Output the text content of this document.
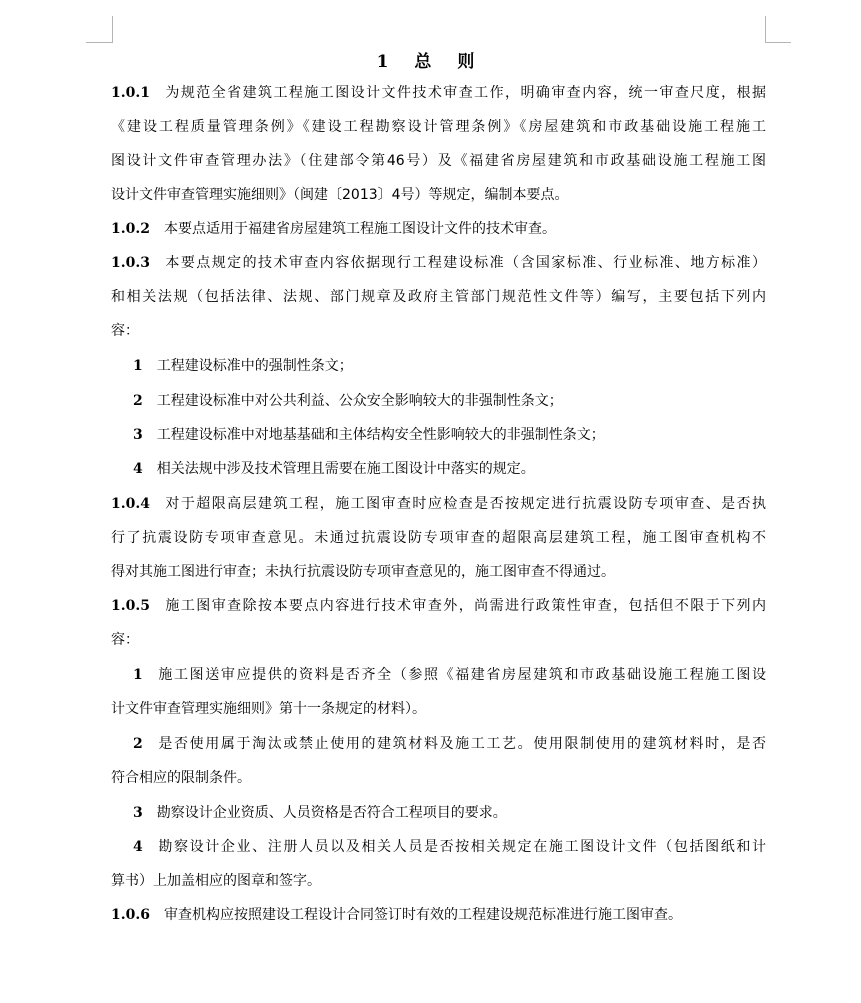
1 总 则
1.0.1 为规范全省建筑工程施工图设计文件技术审查工作，明确审查内容，统一审查尺度，根据
《建设工程质量管理条例》《建设工程勘察设计管理条例》《房屋建筑和市政基础设施工程施工
图设计文件审查管理办法》（住建部令第46号）及《福建省房屋建筑和市政基础设施工程施工图
设计文件审查管理实施细则》（闽建〔2013〕4号）等规定，编制本要点。
1.0.2 本要点适用于福建省房屋建筑工程施工图设计文件的技术审查。
1.0.3 本要点规定的技术审查内容依据现行工程建设标准（含国家标准、行业标准、地方标准）
和相关法规（包括法律、法规、部门规章及政府主管部门规范性文件等）编写，主要包括下列内
容：
1 工程建设标准中的强制性条文；
2 工程建设标准中对公共利益、公众安全影响较大的非强制性条文；
3 工程建设标准中对地基基础和主体结构安全性影响较大的非强制性条文；
4 相关法规中涉及技术管理且需要在施工图设计中落实的规定。
1.0.4 对于超限高层建筑工程，施工图审查时应检查是否按规定进行抗震设防专项审查、是否执
行了抗震设防专项审查意见。未通过抗震设防专项审查的超限高层建筑工程，施工图审查机构不
得对其施工图进行审查；未执行抗震设防专项审查意见的，施工图审查不得通过。
1.0.5 施工图审查除按本要点内容进行技术审查外，尚需进行政策性审查，包括但不限于下列内
容：
1 施工图送审应提供的资料是否齐全（参照《福建省房屋建筑和市政基础设施工程施工图设
计文件审查管理实施细则》第十一条规定的材料）。
2 是否使用属于淘汰或禁止使用的建筑材料及施工工艺。使用限制使用的建筑材料时，是否
符合相应的限制条件。
3 勘察设计企业资质、人员资格是否符合工程项目的要求。
4 勘察设计企业、注册人员以及相关人员是否按相关规定在施工图设计文件（包括图纸和计
算书）上加盖相应的图章和签字。
1.0.6 审查机构应按照建设工程设计合同签订时有效的工程建设规范标准进行施工图审查。
